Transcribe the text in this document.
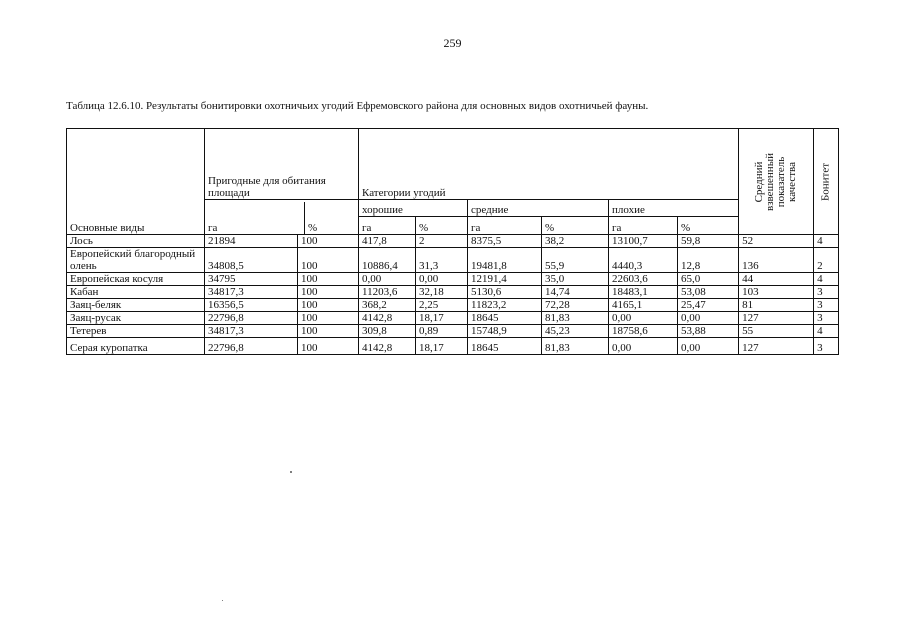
259
Таблица 12.6.10. Результаты бонитировки охотничьих угодий Ефремовского района для основных видов охотничьей фауны.
Основные виды	Пригодные для обитания площади	Категории угодий	Средний взвешенный показатель качества	Бонитет

га	%
	хорошие	средние	плохие
га	%	га	%	га	%
Лось	21894	100	417,8	2	8375,5	38,2	13100,7	59,8	52	4
Европейский благородный олень	34808,5	100	10886,4	31,3	19481,8	55,9	4440,3	12,8	136	2
Европейская косуля	34795	100	0,00	0,00	12191,4	35,0	22603,6	65,0	44	4
Кабан	34817,3	100	11203,6	32,18	5130,6	14,74	18483,1	53,08	103	3
Заяц-беляк	16356,5	100	368,2	2,25	11823,2	72,28	4165,1	25,47	81	3
Заяц-русак	22796,8	100	4142,8	18,17	18645	81,83	0,00	0,00	127	3
Тетерев	34817,3	100	309,8	0,89	15748,9	45,23	18758,6	53,88	55	4
Серая куропатка	22796,8	100	4142,8	18,17	18645	81,83	0,00	0,00	127	3
